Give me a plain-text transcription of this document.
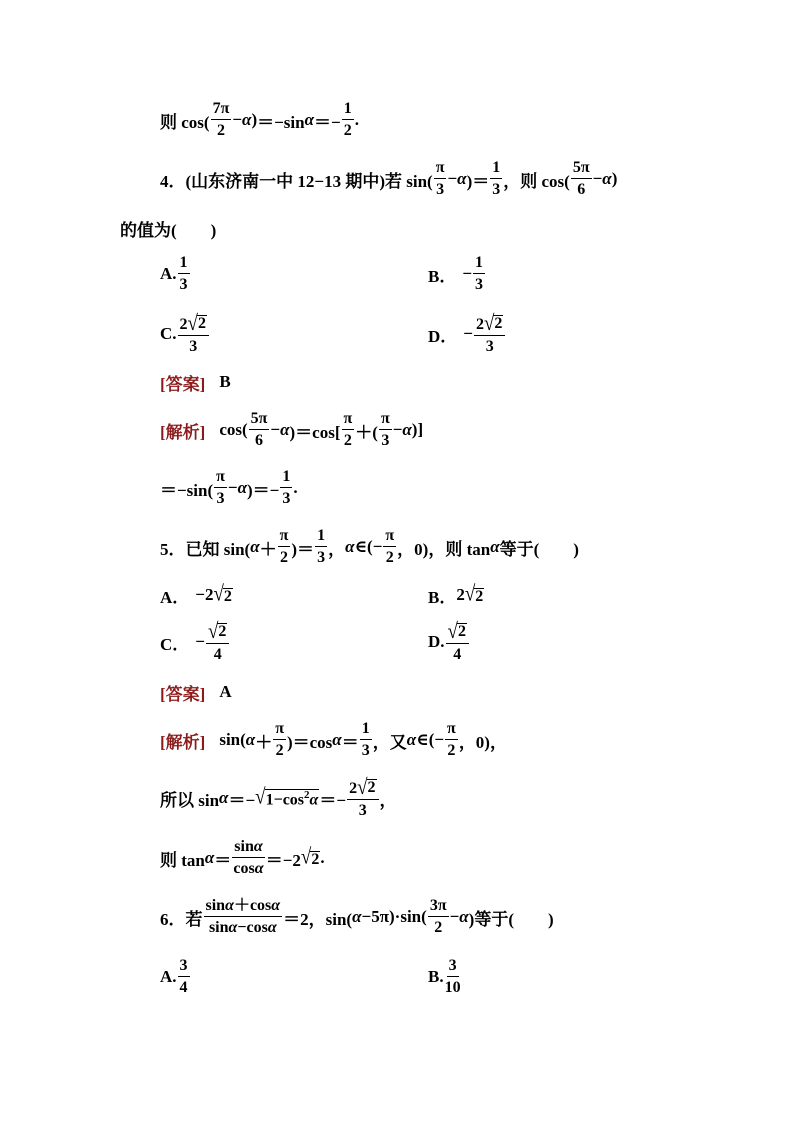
则 $\cos( \frac{7\pi}{2} - \alpha$ ) ＝−sin $\alpha =- \frac{1}{2}$ .
4． (山东济南一中 12−13 期中)若 $\sin( \frac{\pi}{3} - \alpha$ )＝ $\frac{1}{3}$ ，则 $\cos( \frac{5\pi}{6} - \alpha$ )
的值为(　　)
A. $\frac{1}{3}$	B． − $\frac{1}{3}$
C. $\frac{2 √ 2}{3}$	D． − $\frac{2 √ 2}{3}$
[答案] B
[解析] $\cos( \frac{5\pi}{6} - \alpha$ )$=\cos[ \frac{\pi}{2}$ ＋( $\frac{\pi}{3} - \alpha$ )]
$=-\sin( \frac{\pi}{3} - \alpha$ )＝− $\frac{1}{3}$ .
5． 已知 sin( $\alpha + \frac{\pi}{2}$ )＝ $\frac{1}{3}$ ， α ∈(− $\frac{\pi}{2}$ ，0)，则 tan α 等于(　　)
A． −2 √ 2	B． 2 √ 2
C． − $\frac{√ 2}{4}$	D. $\frac{√ 2}{4}$
[答案] A
[解析] sin( $\alpha + \frac{\pi}{2} )=\cos$ $\alpha = \frac{1}{3}$ ，又 α ∈(− $\frac{\pi}{2}$ ，0)，
所以 sin α ＝− √ $1-\cos^2\alpha =- \frac{2 √ 2}{3}$ ，
则 $\tan \alpha = \frac{\sin\alpha}{\cos\alpha} =-2$ √ 2 .
6． 若 $\frac{\sin\alpha+\cos\alpha}{\sin\alpha-\cos\alpha} =2$，sin( $\alpha -5\pi)\cdot\sin( \frac{3\pi}{2} - \alpha$ )等于(　　)
A. $\frac{3}{4}$	B. $\frac{3}{10}$
